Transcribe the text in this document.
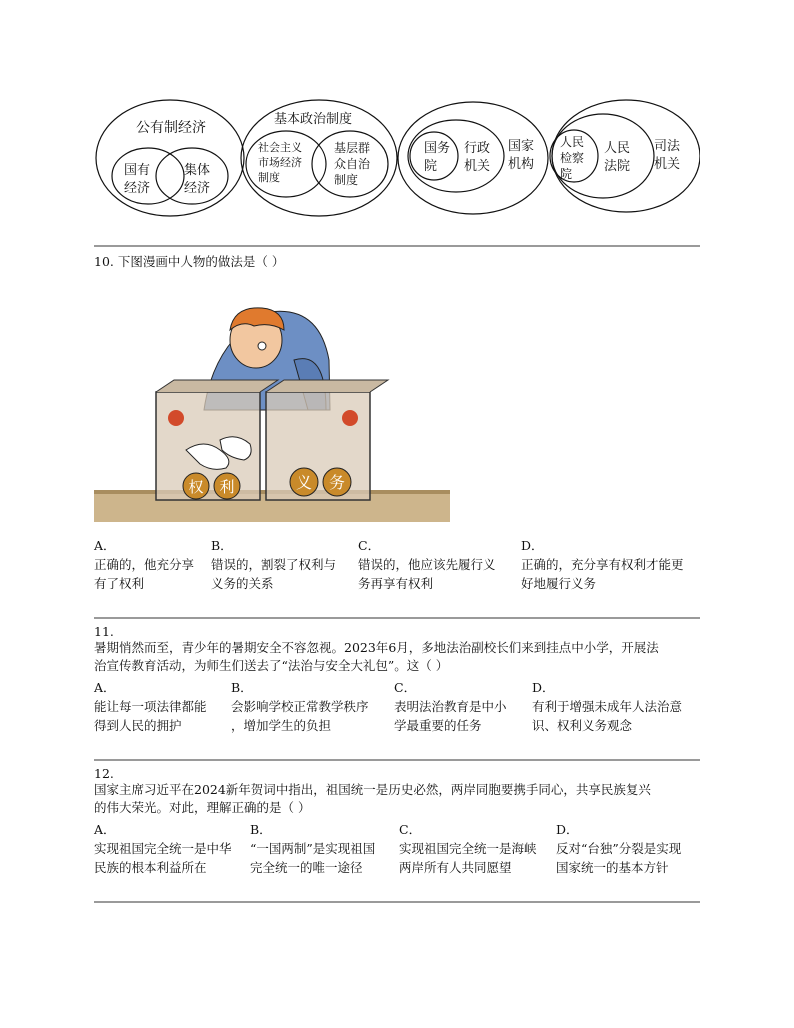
公有制经济
国有
经济
集体
经济
基本政治制度
社会主义
市场经济
制度
基层群
众自治
制度
国务
院
行政
机关
国家
机构
人民
检察
院
人民
法院
司法
机关
10. 下图漫画中人物的做法是（ ）
权 利	义 务
A．
正确的，他充分享
有了权利
B．
错误的，割裂了权利与
义务的关系
C．
错误的，他应该先履行义
务再享有权利
D．
正确的，充分享有权利才能更
好地履行义务
11.
暑期悄然而至，青少年的暑期安全不容忽视。2023年6月，多地法治副校长们来到挂点中小学，开展法
治宣传教育活动，为师生们送去了“法治与安全大礼包”。这（ ）
A．
能让每一项法律都能
得到人民的拥护
B．
会影响学校正常教学秩序
，增加学生的负担
C．
表明法治教育是中小
学最重要的任务
D．
有利于增强未成年人法治意
识、权利义务观念
12.
国家主席习近平在2024新年贺词中指出，祖国统一是历史必然，两岸同胞要携手同心，共享民族复兴
的伟大荣光。对此，理解正确的是（ ）
A．
实现祖国完全统一是中华
民族的根本利益所在
B．
“一国两制”是实现祖国
完全统一的唯一途径
C．
实现祖国完全统一是海峡
两岸所有人共同愿望
D．
反对“台独”分裂是实现
国家统一的基本方针
